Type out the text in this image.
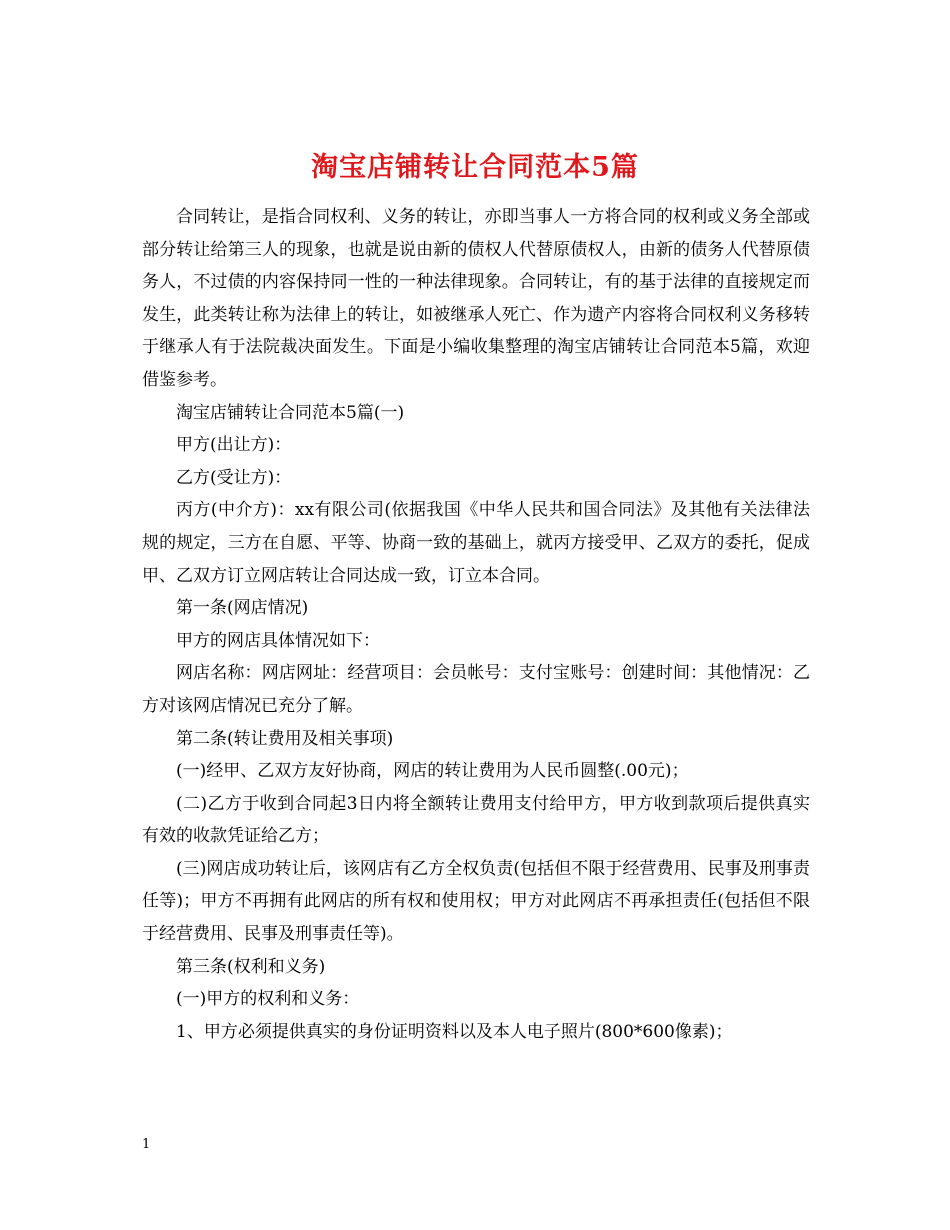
淘宝店铺转让合同范本5篇

合同转让，是指合同权利、义务的转让，亦即当事人一方将合同的权利或义务全部或部分转让给第三人的现象，也就是说由新的债权人代替原债权人，由新的债务人代替原债务人，不过债的内容保持同一性的一种法律现象。合同转让，有的基于法律的直接规定而发生，此类转让称为法律上的转让，如被继承人死亡、作为遗产内容将合同权利义务移转于继承人有于法院裁决面发生。下面是小编收集整理的淘宝店铺转让合同范本5篇，欢迎借鉴参考。

淘宝店铺转让合同范本5篇(一)

甲方(出让方)：

乙方(受让方)：

丙方(中介方)：xx有限公司(依据我国《中华人民共和国合同法》及其他有关法律法规的规定，三方在自愿、平等、协商一致的基础上，就丙方接受甲、乙双方的委托，促成甲、乙双方订立网店转让合同达成一致，订立本合同。

第一条(网店情况)

甲方的网店具体情况如下：

网店名称：网店网址：经营项目：会员帐号：支付宝账号：创建时间：其他情况：乙方对该网店情况已充分了解。

第二条(转让费用及相关事项)

(一)经甲、乙双方友好协商，网店的转让费用为人民币圆整(.00元)；

(二)乙方于收到合同起3日内将全额转让费用支付给甲方，甲方收到款项后提供真实有效的收款凭证给乙方；

(三)网店成功转让后，该网店有乙方全权负责(包括但不限于经营费用、民事及刑事责任等)；甲方不再拥有此网店的所有权和使用权；甲方对此网店不再承担责任(包括但不限于经营费用、民事及刑事责任等)。

第三条(权利和义务)

(一)甲方的权利和义务：

1、甲方必须提供真实的身份证明资料以及本人电子照片(800*600像素)；

1
